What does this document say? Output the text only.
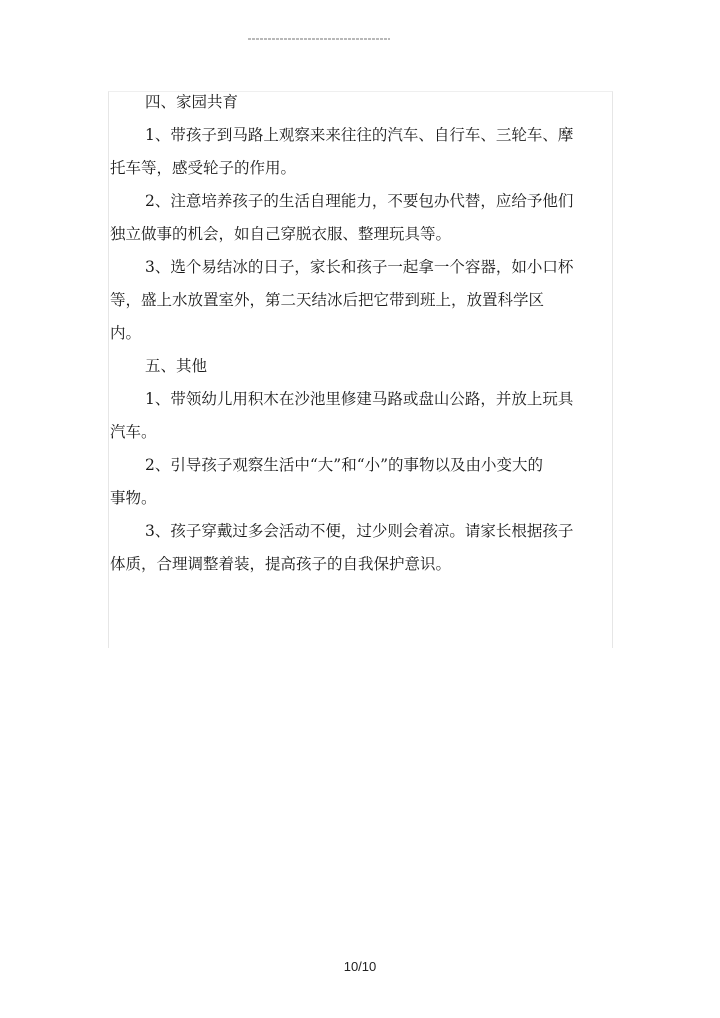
四、家园共育
1、带孩子到马路上观察来来往往的汽车、自行车、三轮车、摩
托车等，感受轮子的作用。
2、注意培养孩子的生活自理能力，不要包办代替，应给予他们
独立做事的机会，如自己穿脱衣服、整理玩具等。
3、选个易结冰的日子，家长和孩子一起拿一个容器，如小口杯
等，盛上水放置室外，第二天结冰后把它带到班上，放置科学区
内。
五、其他
1、带领幼儿用积木在沙池里修建马路或盘山公路，并放上玩具
汽车。
2、引导孩子观察生活中“大”和“小”的事物以及由小变大的
事物。
3、孩子穿戴过多会活动不便，过少则会着凉。请家长根据孩子
体质，合理调整着装，提高孩子的自我保护意识。
10/10
